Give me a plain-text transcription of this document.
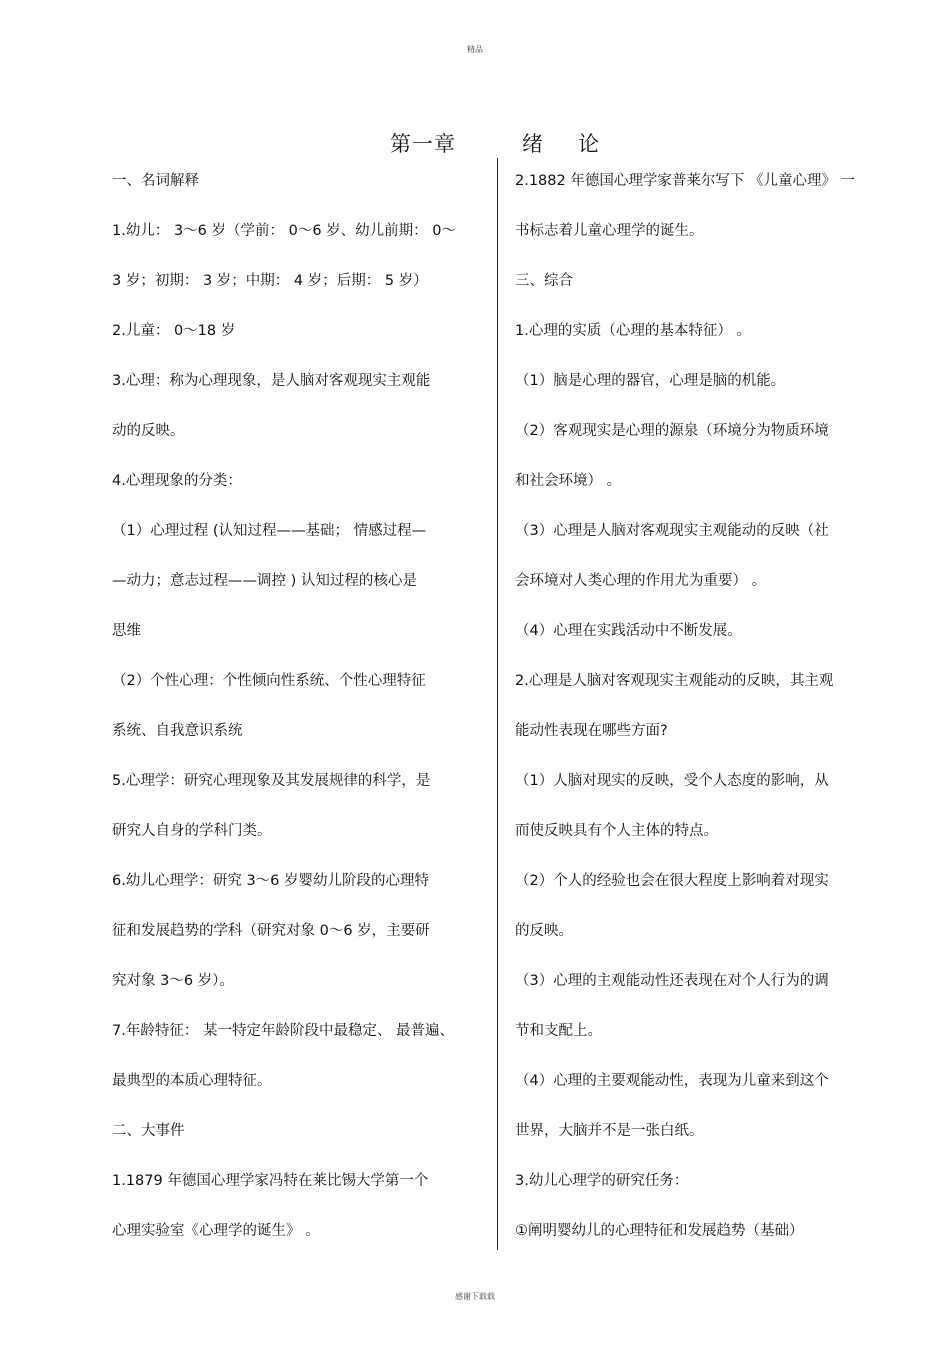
精品
第一章	绪 论
一、名词解释
1.幼儿： 3～6 岁（学前： 0～6 岁、幼儿前期： 0～
3 岁；初期： 3 岁；中期： 4 岁；后期： 5 岁）
2.儿童： 0～18 岁
3.心理：称为心理现象，是人脑对客观现实主观能
动的反映。
4.心理现象的分类：
（1）心理过程 (认知过程——基础； 情感过程—
—动力；意志过程——调控 ) 认知过程的核心是
思维
（2）个性心理：个性倾向性系统、个性心理特征
系统、自我意识系统
5.心理学：研究心理现象及其发展规律的科学，是
研究人自身的学科门类。
6.幼儿心理学：研究 3～6 岁婴幼儿阶段的心理特
征和发展趋势的学科（研究对象 0～6 岁，主要研
究对象 3～6 岁）。
7.年龄特征： 某一特定年龄阶段中最稳定、 最普遍、
最典型的本质心理特征。
二、大事件
1.1879 年德国心理学家冯特在莱比锡大学第一个
心理实验室《心理学的诞生》 。
2.1882 年德国心理学家普莱尔写下 《儿童心理》 一
书标志着儿童心理学的诞生。
三、综合
1.心理的实质（心理的基本特征） 。
（1）脑是心理的器官，心理是脑的机能。
（2）客观现实是心理的源泉（环境分为物质环境
和社会环境） 。
（3）心理是人脑对客观现实主观能动的反映（社
会环境对人类心理的作用尤为重要） 。
（4）心理在实践活动中不断发展。
2.心理是人脑对客观现实主观能动的反映，其主观
能动性表现在哪些方面?
（1）人脑对现实的反映，受个人态度的影响，从
而使反映具有个人主体的特点。
（2）个人的经验也会在很大程度上影响着对现实
的反映。
（3）心理的主观能动性还表现在对个人行为的调
节和支配上。
（4）心理的主要观能动性，表现为儿童来到这个
世界，大脑并不是一张白纸。
3.幼儿心理学的研究任务：
①阐明婴幼儿的心理特征和发展趋势（基础）
感谢下载载
